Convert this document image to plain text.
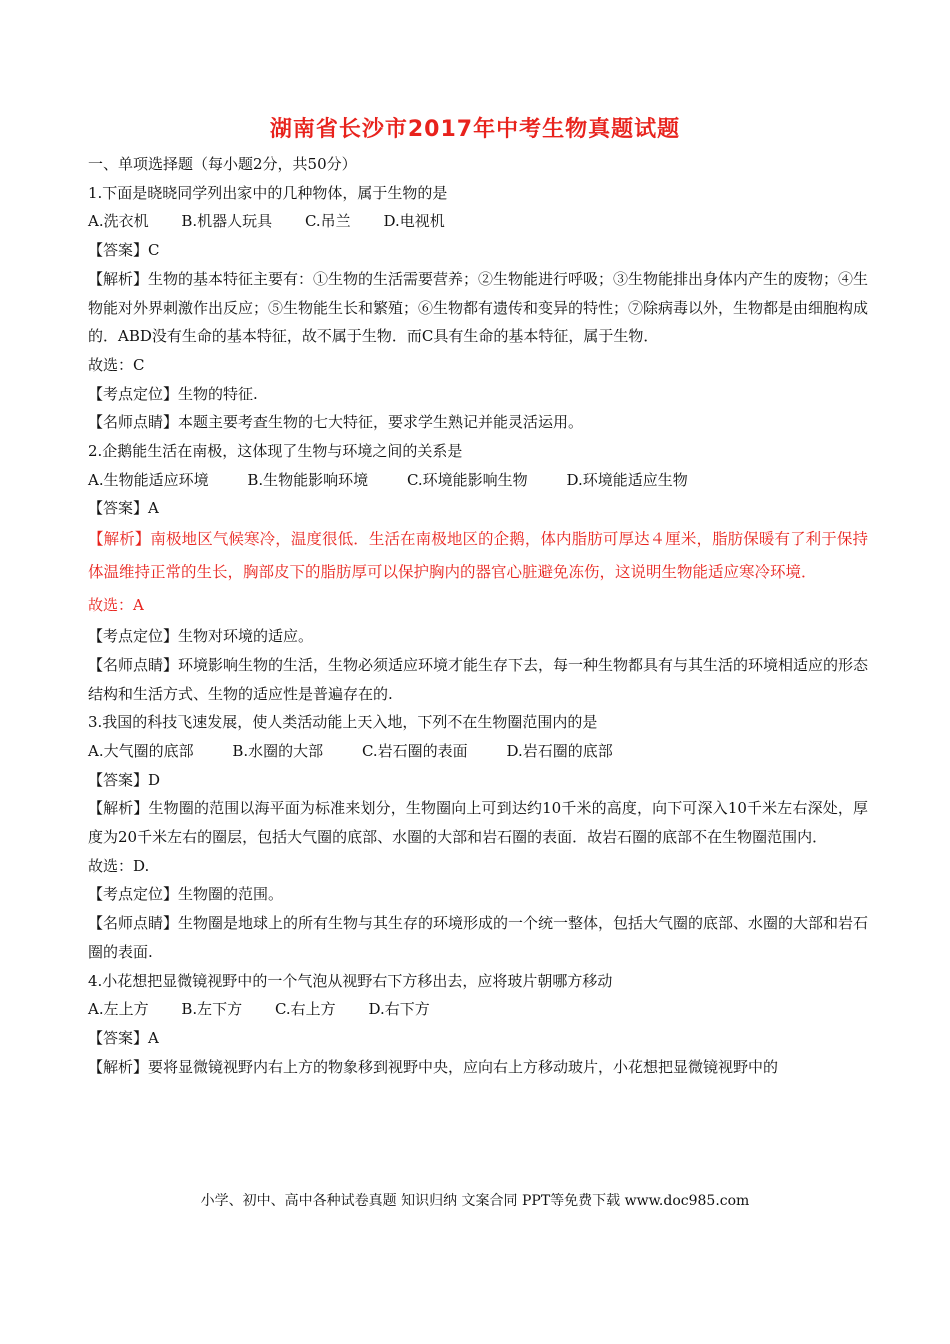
湖南省长沙市2017年中考生物真题试题

一、单项选择题（每小题2分，共50分）

1.下面是晓晓同学列出家中的几种物体，属于生物的是

A.洗衣机 B.机器人玩具 C.吊兰 D.电视机

【答案】C

【解析】生物的基本特征主要有：①生物的生活需要营养；②生物能进行呼吸；③生物能排出身体内产生的废物；④生物能对外界刺激作出反应；⑤生物能生长和繁殖；⑥生物都有遗传和变异的特性；⑦除病毒以外，生物都是由细胞构成的．ABD没有生命的基本特征，故不属于生物．而C具有生命的基本特征，属于生物．

故选：C

【考点定位】生物的特征.

【名师点睛】本题主要考查生物的七大特征，要求学生熟记并能灵活运用。

2.企鹅能生活在南极，这体现了生物与环境之间的关系是

A.生物能适应环境	B.生物能影响环境	C.环境能影响生物	D.环境能适应生物

【答案】A

【解析】南极地区气候寒冷，温度很低．生活在南极地区的企鹅，体内脂肪可厚达４厘米，脂肪保暖有了利于保持体温维持正常的生长，胸部皮下的脂肪厚可以保护胸内的器官心脏避免冻伤，这说明生物能适应寒冷环境．

故选：A

【考点定位】生物对环境的适应。

【名师点睛】环境影响生物的生活，生物必须适应环境才能生存下去，每一种生物都具有与其生活的环境相适应的形态结构和生活方式、生物的适应性是普遍存在的.

3.我国的科技飞速发展，使人类活动能上天入地，下列不在生物圈范围内的是

A.大气圈的底部	B.水圈的大部	C.岩石圈的表面	D.岩石圈的底部

【答案】D

【解析】生物圈的范围以海平面为标准来划分，生物圈向上可到达约10千米的高度，向下可深入10千米左右深处，厚度为20千米左右的圈层，包括大气圈的底部、水圈的大部和岩石圈的表面．故岩石圈的底部不在生物圈范围内．

故选：D.

【考点定位】生物圈的范围。

【名师点睛】生物圈是地球上的所有生物与其生存的环境形成的一个统一整体，包括大气圈的底部、水圈的大部和岩石圈的表面.

4.小花想把显微镜视野中的一个气泡从视野右下方移出去，应将玻片朝哪方移动

A.左上方 B.左下方 C.右上方 D.右下方

【答案】A

【解析】要将显微镜视野内右上方的物象移到视野中央，应向右上方移动玻片，小花想把显微镜视野中的

小学、初中、高中各种试卷真题 知识归纳 文案合同 PPT等免费下载 www.doc985.com
